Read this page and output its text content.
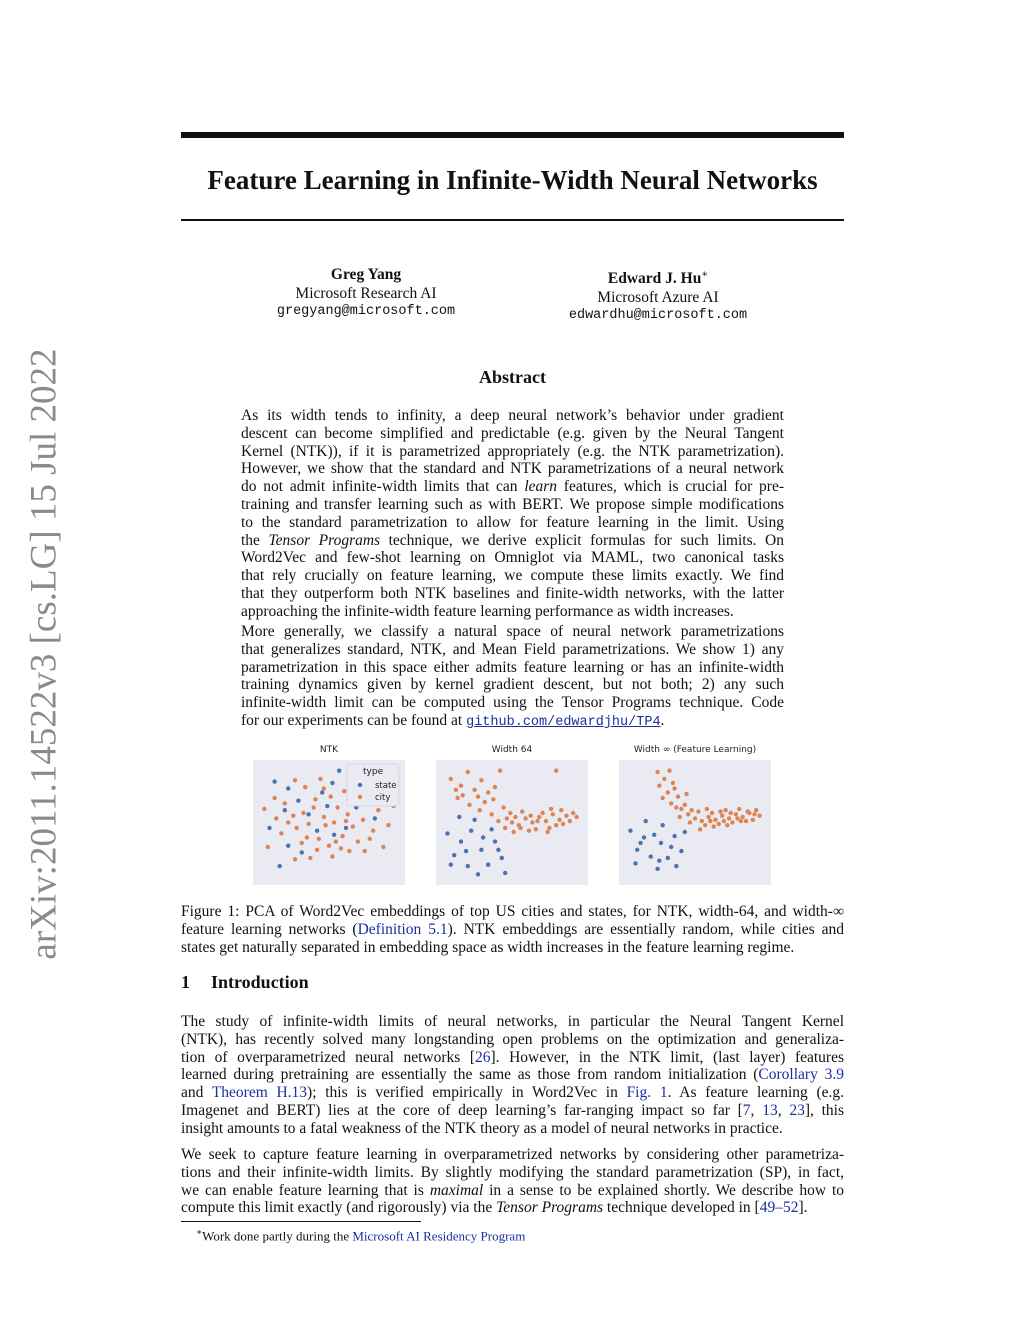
arXiv:2011.14522v3 [cs.LG] 15 Jul 2022
Feature Learning in Infinite-Width Neural Networks
Greg Yang
Microsoft Research AI
gregyang@microsoft.com
Edward J. Hu∗
Microsoft Azure AI
edwardhu@microsoft.com
Abstract
As its width tends to infinity, a deep neural network’s behavior under gradient
descent can become simplified and predictable (e.g. given by the Neural Tangent
Kernel (NTK)), if it is parametrized appropriately (e.g. the NTK parametrization).
However, we show that the standard and NTK parametrizations of a neural network
do not admit infinite-width limits that can learn features, which is crucial for pre-
training and transfer learning such as with BERT. We propose simple modifications
to the standard parametrization to allow for feature learning in the limit. Using
the Tensor Programs technique, we derive explicit formulas for such limits. On
Word2Vec and few-shot learning on Omniglot via MAML, two canonical tasks
that rely crucially on feature learning, we compute these limits exactly. We find
that they outperform both NTK baselines and finite-width networks, with the latter
approaching the infinite-width feature learning performance as width increases.
More generally, we classify a natural space of neural network parametrizations
that generalizes standard, NTK, and Mean Field parametrizations. We show 1) any
parametrization in this space either admits feature learning or has an infinite-width
training dynamics given by kernel gradient descent, but not both; 2) any such
infinite-width limit can be computed using the Tensor Programs technique. Code
for our experiments can be found at github.com/edwardjhu/TP4.
NTK	Width 64	Width ∞ (Feature Learning)
type
state
city
Figure 1: PCA of Word2Vec embeddings of top US cities and states, for NTK, width-64, and width-∞
feature learning networks (Definition 5.1). NTK embeddings are essentially random, while cities and
states get naturally separated in embedding space as width increases in the feature learning regime.
1 Introduction
The study of infinite-width limits of neural networks, in particular the Neural Tangent Kernel
(NTK), has recently solved many longstanding open problems on the optimization and generaliza-
tion of overparametrized neural networks [26]. However, in the NTK limit, (last layer) features
learned during pretraining are essentially the same as those from random initialization (Corollary 3.9
and Theorem H.13); this is verified empirically in Word2Vec in Fig. 1. As feature learning (e.g.
Imagenet and BERT) lies at the core of deep learning’s far-ranging impact so far [7, 13, 23], this
insight amounts to a fatal weakness of the NTK theory as a model of neural networks in practice.
We seek to capture feature learning in overparametrized networks by considering other parametriza-
tions and their infinite-width limits. By slightly modifying the standard parametrization (SP), in fact,
we can enable feature learning that is maximal in a sense to be explained shortly. We describe how to
compute this limit exactly (and rigorously) via the Tensor Programs technique developed in [49–52].
∗Work done partly during the Microsoft AI Residency Program
